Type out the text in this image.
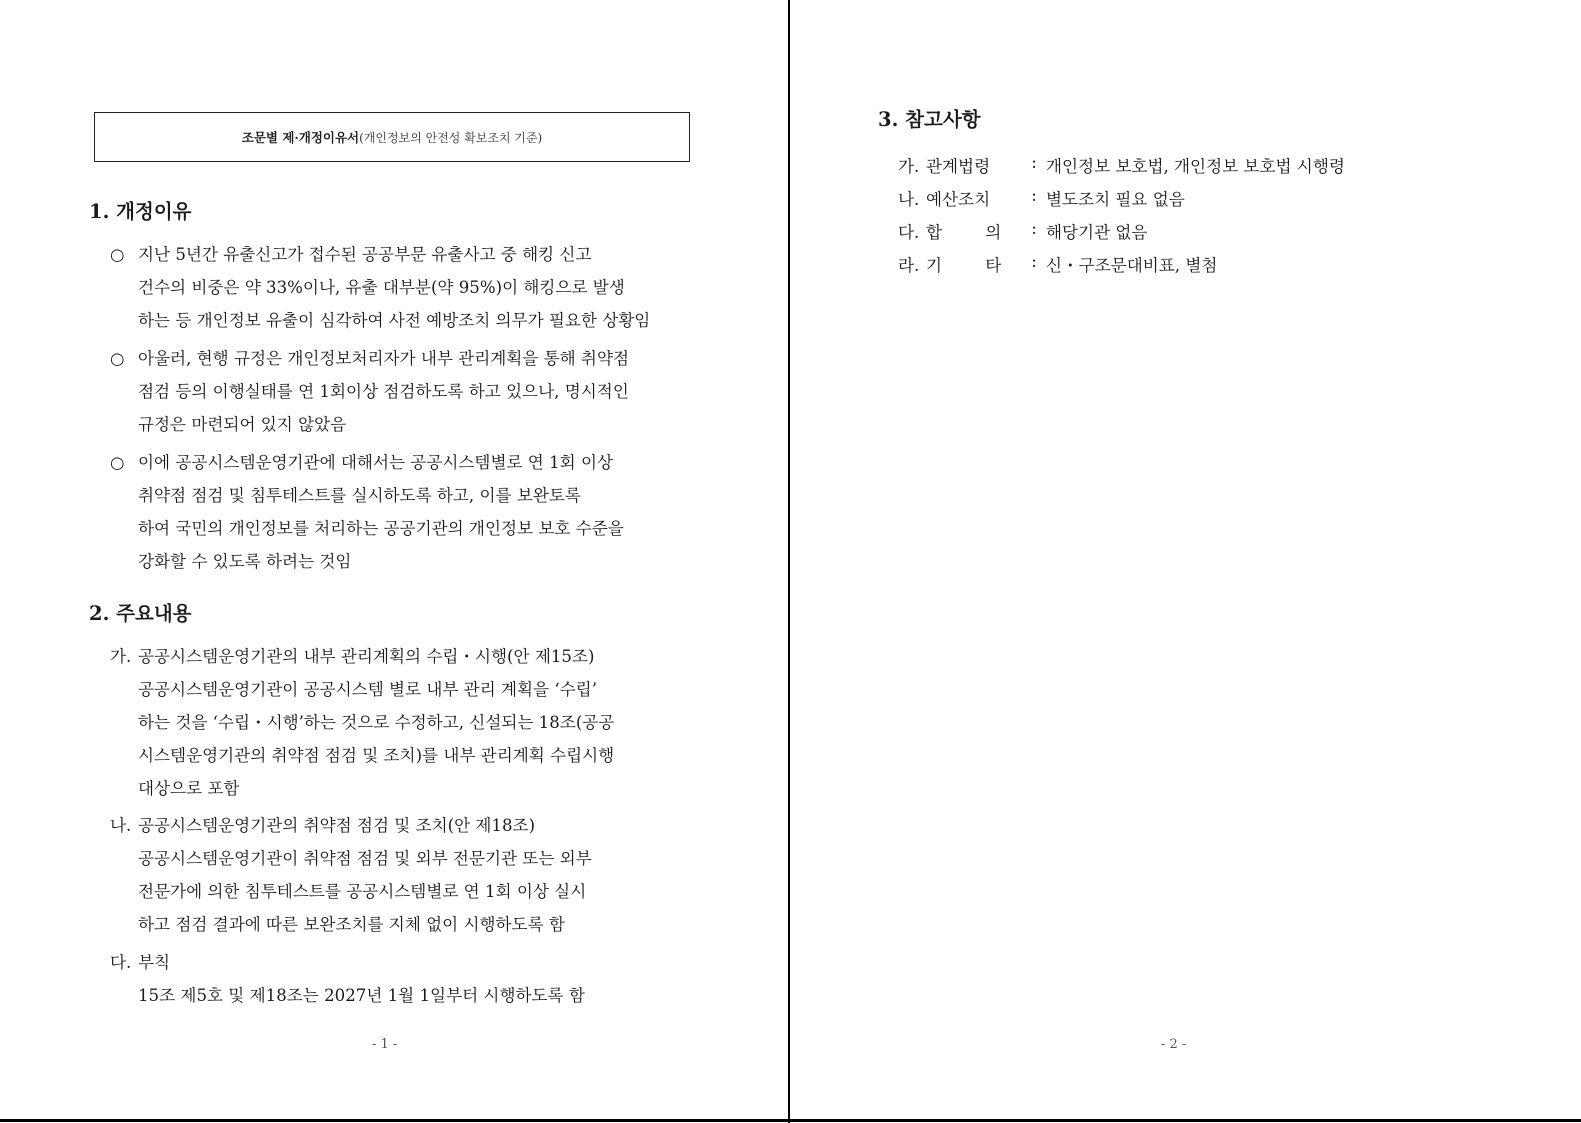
조문별 제·개정이유서 (개인정보의 안전성 확보조치 기준)
1. 개정이유
○ 지난 5년간 유출신고가 접수된 공공부문 유출사고 중 해킹 신고
건수의 비중은 약 33%이나, 유출 대부분(약 95%)이 해킹으로 발생
하는 등 개인정보 유출이 심각하여 사전 예방조치 의무가 필요한 상황임
○ 아울러, 현행 규정은 개인정보처리자가 내부 관리계획을 통해 취약점
점검 등의 이행실태를 연 1회이상 점검하도록 하고 있으나, 명시적인
규정은 마련되어 있지 않았음
○ 이에 공공시스템운영기관에 대해서는 공공시스템별로 연 1회 이상
취약점 점검 및 침투테스트를 실시하도록 하고, 이를 보완토록
하여 국민의 개인정보를 처리하는 공공기관의 개인정보 보호 수준을
강화할 수 있도록 하려는 것임
2. 주요내용
가. 공공시스템운영기관의 내부 관리계획의 수립・시행(안 제15조)
공공시스템운영기관이 공공시스템 별로 내부 관리 계획을 ‘수립’
하는 것을 ‘수립・시행’하는 것으로 수정하고, 신설되는 18조(공공
시스템운영기관의 취약점 점검 및 조치)를 내부 관리계획 수립시행
대상으로 포함
나. 공공시스템운영기관의 취약점 점검 및 조치(안 제18조)
공공시스템운영기관이 취약점 점검 및 외부 전문기관 또는 외부
전문가에 의한 침투테스트를 공공시스템별로 연 1회 이상 실시
하고 점검 결과에 따른 보완조치를 지체 없이 시행하도록 함
다. 부칙
15조 제5호 및 제18조는 2027년 1월 1일부터 시행하도록 함
- 1 -
3. 참고사항
가. 관계법령	: 개인정보 보호법, 개인정보 보호법 시행령
나. 예산조치	: 별도조치 필요 없음
다. 합 의	: 해당기관 없음
라. 기 타	: 신・구조문대비표, 별첨
- 2 -
